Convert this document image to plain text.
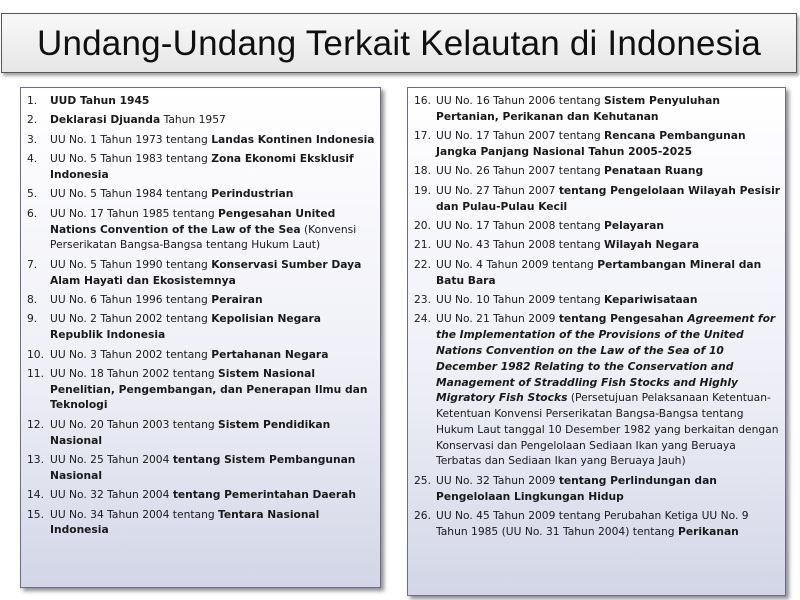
Undang-Undang Terkait Kelautan di Indonesia
1. UUD Tahun 1945
2. Deklarasi Djuanda Tahun 1957
3. UU No. 1 Tahun 1973 tentang Landas Kontinen Indonesia
4. UU No. 5 Tahun 1983 tentang Zona Ekonomi Eksklusif Indonesia
5. UU No. 5 Tahun 1984 tentang Perindustrian
6. UU No. 17 Tahun 1985 tentang Pengesahan United Nations Convention of the Law of the Sea (Konvensi Perserikatan Bangsa-Bangsa tentang Hukum Laut)
7. UU No. 5 Tahun 1990 tentang Konservasi Sumber Daya Alam Hayati dan Ekosistemnya
8. UU No. 6 Tahun 1996 tentang Perairan
9. UU No. 2 Tahun 2002 tentang Kepolisian Negara Republik Indonesia
10. UU No. 3 Tahun 2002 tentang Pertahanan Negara
11. UU No. 18 Tahun 2002 tentang Sistem Nasional Penelitian, Pengembangan, dan Penerapan Ilmu dan Teknologi
12. UU No. 20 Tahun 2003 tentang Sistem Pendidikan Nasional
13. UU No. 25 Tahun 2004 tentang Sistem Pembangunan Nasional
14. UU No. 32 Tahun 2004 tentang Pemerintahan Daerah
15. UU No. 34 Tahun 2004 tentang Tentara Nasional Indonesia
16. UU No. 16 Tahun 2006 tentang Sistem Penyuluhan Pertanian, Perikanan dan Kehutanan
17. UU No. 17 Tahun 2007 tentang Rencana Pembangunan Jangka Panjang Nasional Tahun 2005-2025
18. UU No. 26 Tahun 2007 tentang Penataan Ruang
19. UU No. 27 Tahun 2007 tentang Pengelolaan Wilayah Pesisir dan Pulau-Pulau Kecil
20. UU No. 17 Tahun 2008 tentang Pelayaran
21. UU No. 43 Tahun 2008 tentang Wilayah Negara
22. UU No. 4 Tahun 2009 tentang Pertambangan Mineral dan Batu Bara
23. UU No. 10 Tahun 2009 tentang Kepariwisataan
24. UU No. 21 Tahun 2009 tentang Pengesahan Agreement for the Implementation of the Provisions of the United Nations Convention on the Law of the Sea of 10 December 1982 Relating to the Conservation and Management of Straddling Fish Stocks and Highly Migratory Fish Stocks (Persetujuan Pelaksanaan Ketentuan-Ketentuan Konvensi Perserikatan Bangsa-Bangsa tentang Hukum Laut tanggal 10 Desember 1982 yang berkaitan dengan Konservasi dan Pengelolaan Sediaan Ikan yang Beruaya Terbatas dan Sediaan Ikan yang Beruaya Jauh)
25. UU No. 32 Tahun 2009 tentang Perlindungan dan Pengelolaan Lingkungan Hidup
26. UU No. 45 Tahun 2009 tentang Perubahan Ketiga UU No. 9 Tahun 1985 (UU No. 31 Tahun 2004) tentang Perikanan
